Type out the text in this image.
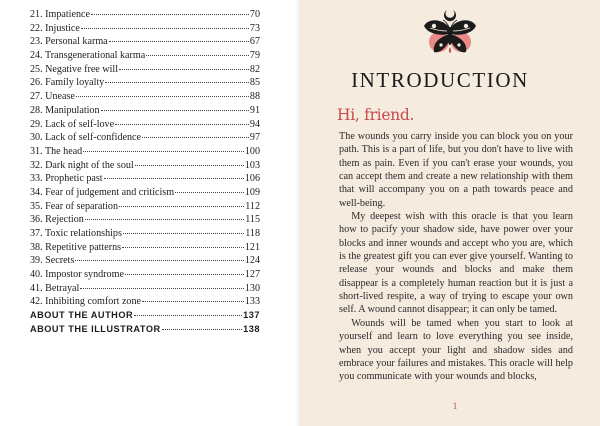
21. Impatience	70
22. Injustice	73
23. Personal karma	67
24. Transgenerational karma	79
25. Negative free will	82
26. Family loyalty	85
27. Unease	88
28. Manipulation	91
29. Lack of self-love	94
30. Lack of self-confidence	97
31. The head	100
32. Dark night of the soul	103
33. Prophetic past	106
34. Fear of judgement and criticism	109
35. Fear of separation	112
36. Rejection	115
37. Toxic relationships	118
38. Repetitive patterns	121
39. Secrets	124
40. Impostor syndrome	127
41. Betrayal	130
42. Inhibiting comfort zone	133
ABOUT THE AUTHOR	137
ABOUT THE ILLUSTRATOR	138
INTRODUCTION
Hi, friend.

The wounds you carry inside you can block you on your path. This is a part of life, but you don't have to live with them as pain. Even if you can't erase your wounds, you can accept them and create a new relationship with them that will accompany you on a path towards peace and well-being.

My deepest wish with this oracle is that you learn how to pacify your shadow side, have power over your blocks and inner wounds and accept who you are, which is the greatest gift you can ever give yourself. Wanting to release your wounds and blocks and make them disappear is a completely human reaction but it is just a short-lived respite, a way of trying to escape your own self. A wound cannot disappear; it can only be tamed.

Wounds will be tamed when you start to look at yourself and learn to love everything you see inside, when you accept your light and shadow sides and embrace your failures and mistakes. This oracle will help you communicate with your wounds and blocks,

1
